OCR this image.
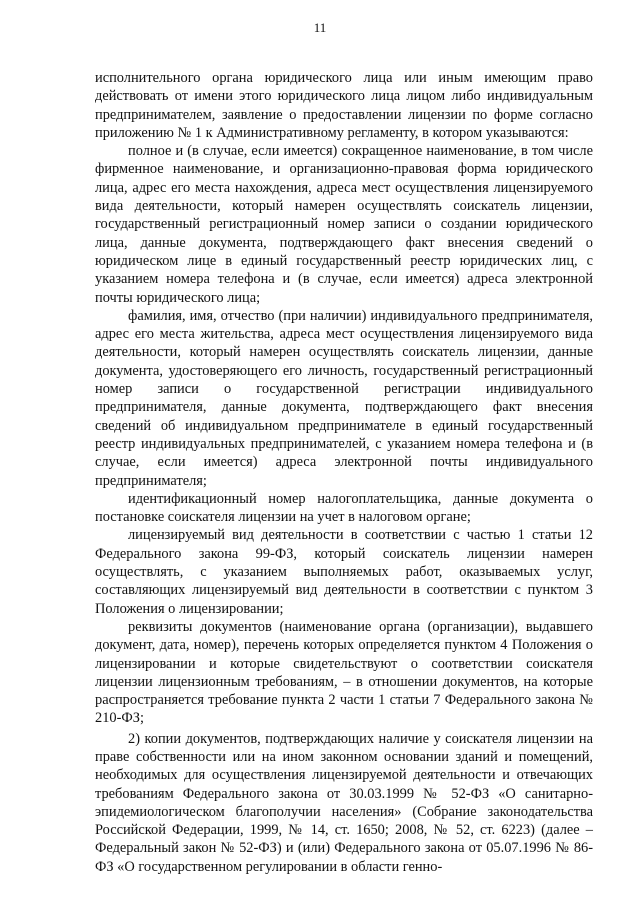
11

исполнительного органа юридического лица или иным имеющим право действовать от имени этого юридического лица лицом либо индивидуальным предпринимателем, заявление о предоставлении лицензии по форме согласно приложению № 1 к Административному регламенту, в котором указываются:

полное и (в случае, если имеется) сокращенное наименование, в том числе фирменное наименование, и организационно-правовая форма юридического лица, адрес его места нахождения, адреса мест осуществления лицензируемого вида деятельности, который намерен осуществлять соискатель лицензии, государственный регистрационный номер записи о создании юридического лица, данные документа, подтверждающего факт внесения сведений о юридическом лице в единый государственный реестр юридических лиц, с указанием номера телефона и (в случае, если имеется) адреса электронной почты юридического лица;

фамилия, имя, отчество (при наличии) индивидуального предпринимателя, адрес его места жительства, адреса мест осуществления лицензируемого вида деятельности, который намерен осуществлять соискатель лицензии, данные документа, удостоверяющего его личность, государственный регистрационный номер записи о государственной регистрации индивидуального предпринимателя, данные документа, подтверждающего факт внесения сведений об индивидуальном предпринимателе в единый государственный реестр индивидуальных предпринимателей, с указанием номера телефона и (в случае, если имеется) адреса электронной почты индивидуального предпринимателя;

идентификационный номер налогоплательщика, данные документа о постановке соискателя лицензии на учет в налоговом органе;

лицензируемый вид деятельности в соответствии с частью 1 статьи 12 Федерального закона 99-ФЗ, который соискатель лицензии намерен осуществлять, с указанием выполняемых работ, оказываемых услуг, составляющих лицензируемый вид деятельности в соответствии с пунктом 3 Положения о лицензировании;

реквизиты документов (наименование органа (организации), выдавшего документ, дата, номер), перечень которых определяется пунктом 4 Положения о лицензировании и которые свидетельствуют о соответствии соискателя лицензии лицензионным требованиям, – в отношении документов, на которые распространяется требование пункта 2 части 1 статьи 7 Федерального закона № 210-ФЗ;

2) копии документов, подтверждающих наличие у соискателя лицензии на праве собственности или на ином законном основании зданий и помещений, необходимых для осуществления лицензируемой деятельности и отвечающих требованиям Федерального закона от 30.03.1999 № 52-ФЗ «О санитарно-эпидемиологическом благополучии населения» (Собрание законодательства Российской Федерации, 1999, № 14, ст. 1650; 2008, № 52, ст. 6223) (далее – Федеральный закон № 52-ФЗ) и (или) Федерального закона от 05.07.1996 № 86-ФЗ «О государственном регулировании в области генно-
